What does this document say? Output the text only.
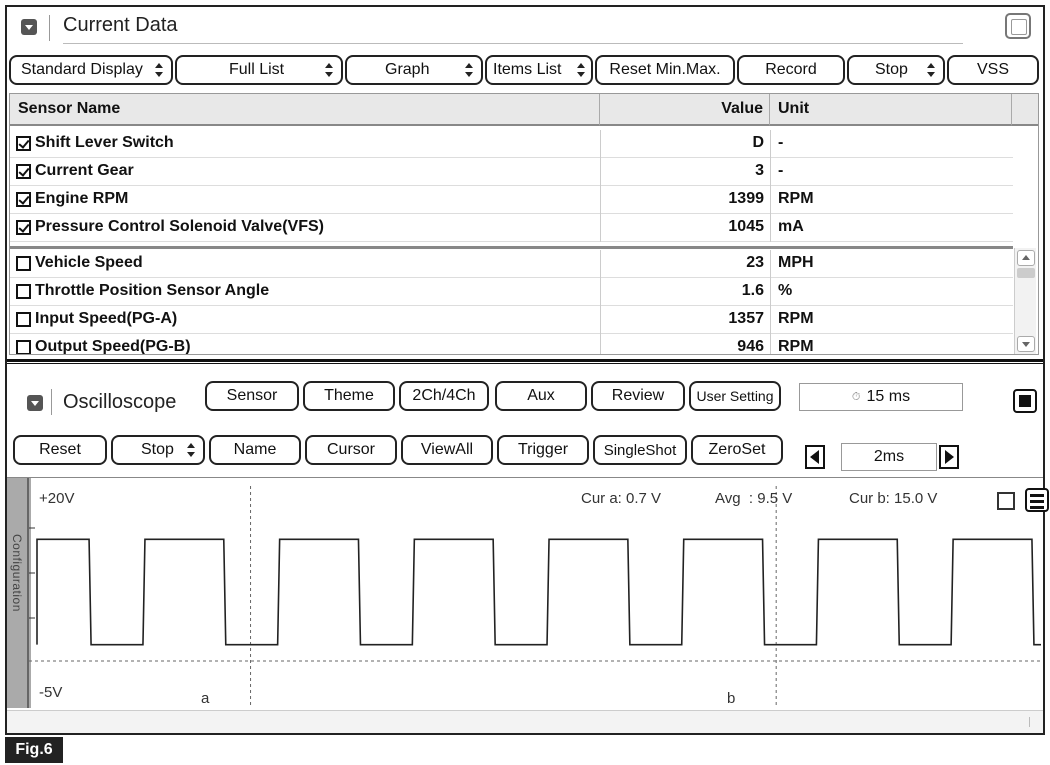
Current Data
Standard Display	Full List	Graph	Items List	Reset Min.Max.	Record	Stop	VSS
Sensor Name	Value Unit
Shift Lever Switch	D -
Current Gear	3 -
Engine RPM	1399 RPM
Pressure Control Solenoid Valve(VFS)	1045 mA
Vehicle Speed	23 MPH
Throttle Position Sensor Angle	1.6 %
Input Speed(PG-A)	1357 RPM
Output Speed(PG-B)	946 RPM
Oscilloscope	Sensor	Theme 2Ch/4Ch	Aux	Review User Setting	⏱ 15 ms
Reset	Stop	Name	Cursor	ViewAll	Trigger SingleShot ZeroSet	2ms
Configuration
+20V
-5V
Cur a: 0.7 V	Avg  : 9.5 V	Cur b: 15.0 V
a	b
Fig.6
